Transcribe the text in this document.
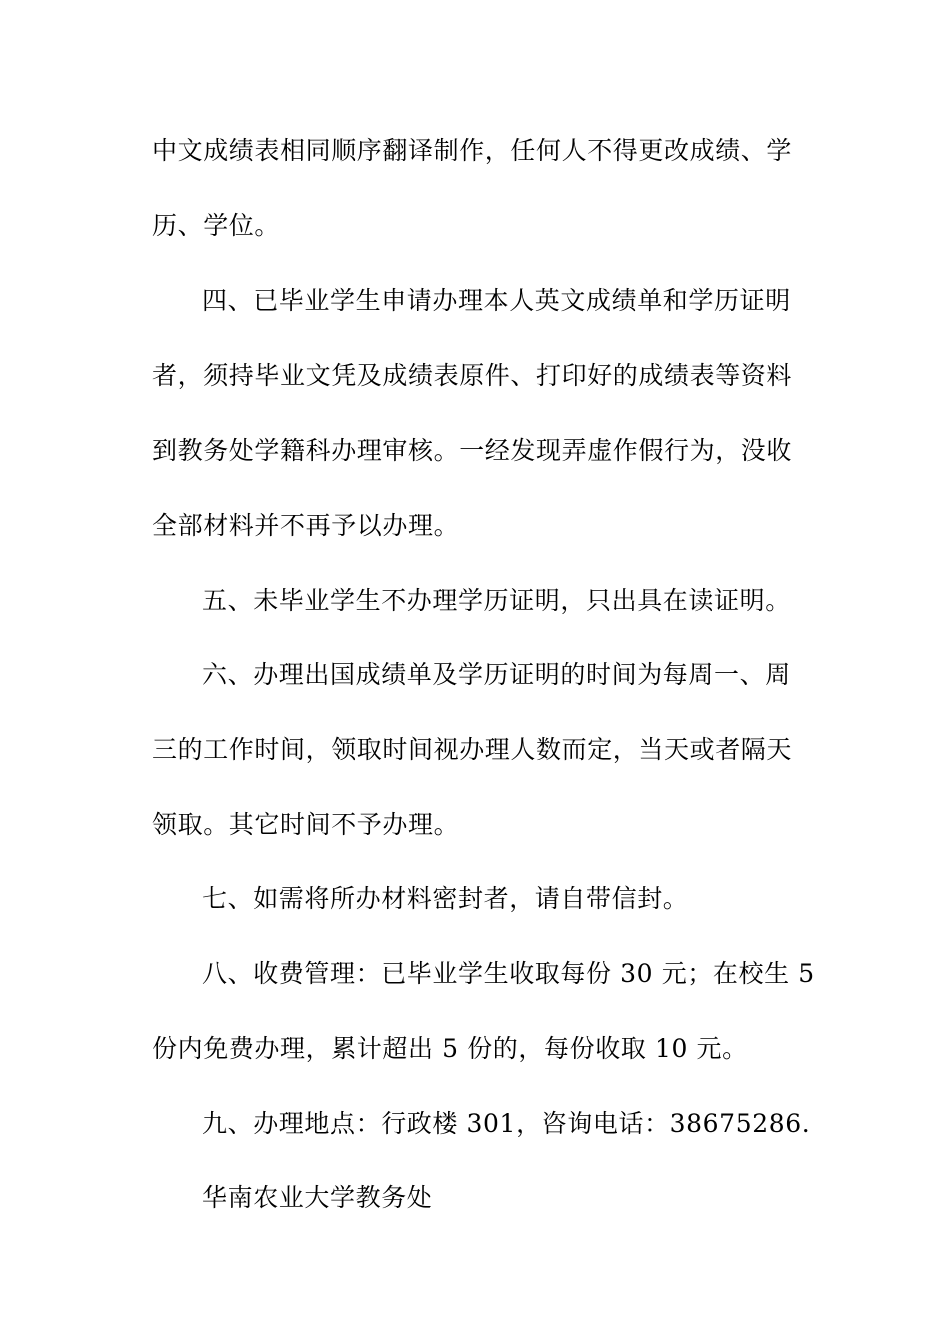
中文成绩表相同顺序翻译制作，任何人不得更改成绩、学
历、学位。
四、已毕业学生申请办理本人英文成绩单和学历证明
者，须持毕业文凭及成绩表原件、打印好的成绩表等资料
到教务处学籍科办理审核。一经发现弄虚作假行为，没收
全部材料并不再予以办理。
五、未毕业学生不办理学历证明，只出具在读证明。
六、办理出国成绩单及学历证明的时间为每周一、周
三的工作时间，领取时间视办理人数而定，当天或者隔天
领取。其它时间不予办理。
七、如需将所办材料密封者，请自带信封。
八、收费管理：已毕业学生收取每份 30 元；在校生 5
份内免费办理，累计超出 5 份的，每份收取 10 元。
九、办理地点：行政楼 301，咨询电话：38675286.
华南农业大学教务处
